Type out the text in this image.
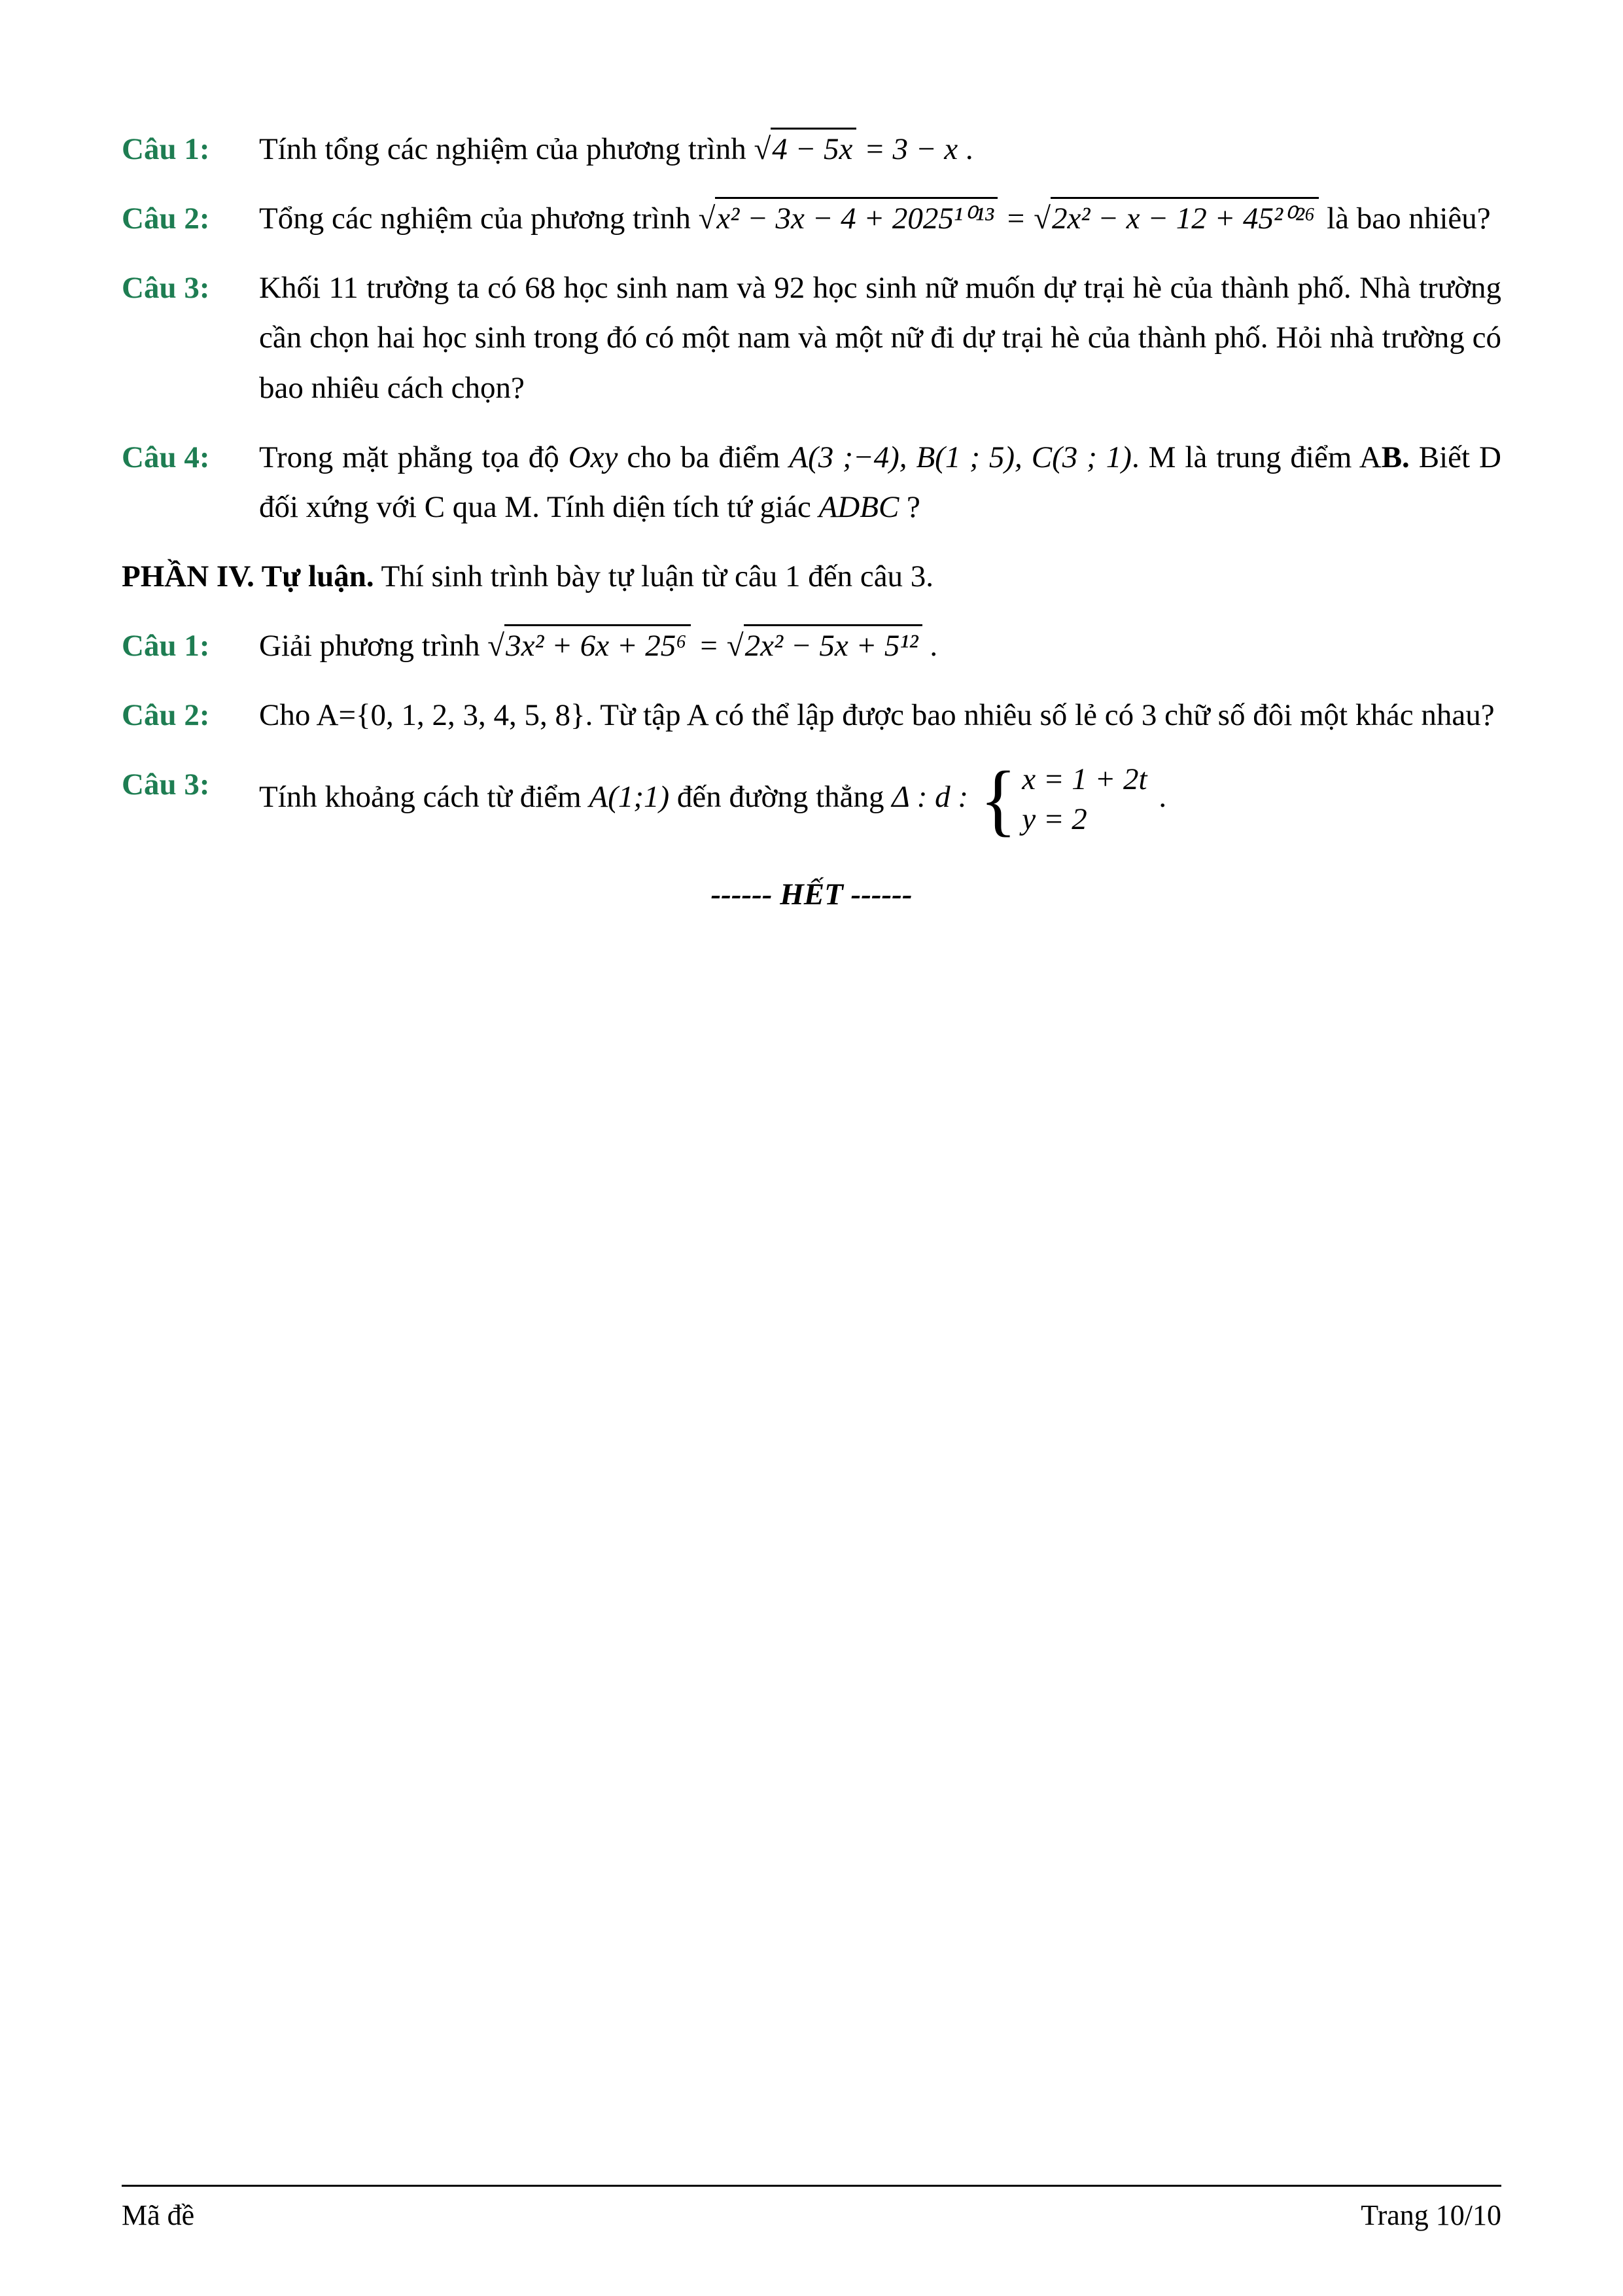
Câu 1:	Tính tổng các nghiệm của phương trình √ 4 − 5x = 3 − x .
Câu 2:	Tổng các nghiệm của phương trình √ x² − 3x − 4 + 2025¹⁰¹³ = √ 2x² − x − 12 + 45²⁰²⁶ là bao nhiêu?
Câu 3:	Khối 11 trường ta có 68 học sinh nam và 92 học sinh nữ muốn dự trại hè của thành phố. Nhà trường cần chọn hai học sinh trong đó có một nam và một nữ đi dự trại hè của thành phố. Hỏi nhà trường có bao nhiêu cách chọn?
Câu 4:	Trong mặt phẳng tọa độ Oxy cho ba điểm A(3 ;−4), B(1 ; 5), C(3 ; 1). M là trung điểm AB. Biết D đối xứng với C qua M. Tính diện tích tứ giác ADBC ?
PHẦN IV. Tự luận. Thí sinh trình bày tự luận từ câu 1 đến câu 3.
Câu 1:	Giải phương trình √ 3x² + 6x + 25⁶ = √ 2x² − 5x + 5¹² .
Câu 2:	Cho A={0, 1, 2, 3, 4, 5, 8}. Từ tập A có thể lập được bao nhiêu số lẻ có 3 chữ số đôi một khác nhau?
Câu 3:	Tính khoảng cách từ điểm A(1;1) đến đường thẳng Δ : d : { x = 1 + 2t
y = 2
.
------ HẾT ------
Mã đề	Trang 10/10
